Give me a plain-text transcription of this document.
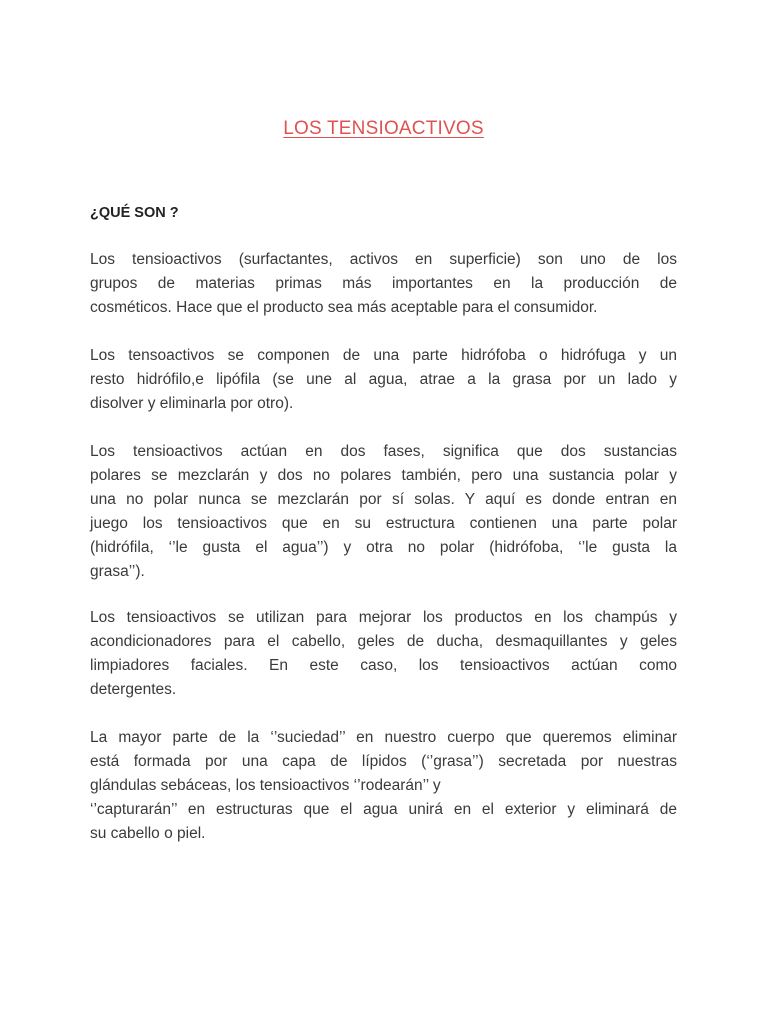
LOS TENSIOACTIVOS
¿QUÉ SON ?

Los tensioactivos (surfactantes, activos en superficie) son uno de los
grupos de materias primas más importantes en la producción de
cosméticos. Hace que el producto sea más aceptable para el consumidor.

Los tensoactivos se componen de una parte hidrófoba o hidrófuga y un
resto hidrófilo,e lipófila (se une al agua, atrae a la grasa por un lado y
disolver y eliminarla por otro).

Los tensioactivos actúan en dos fases, significa que dos sustancias
polares se mezclarán y dos no polares también, pero una sustancia polar y
una no polar nunca se mezclarán por sí solas. Y aquí es donde entran en
juego los tensioactivos que en su estructura contienen una parte polar
(hidrófila, ‘’le gusta el agua’’) y otra no polar (hidrófoba, ‘’le gusta la
grasa’’).

Los tensioactivos se utilizan para mejorar los productos en los champús y
acondicionadores para el cabello, geles de ducha, desmaquillantes y geles
limpiadores faciales. En este caso, los tensioactivos actúan como
detergentes.

La mayor parte de la ‘’suciedad’’ en nuestro cuerpo que queremos eliminar
está formada por una capa de lípidos (‘’grasa’’) secretada por nuestras
glándulas sebáceas, los tensioactivos ‘’rodearán’’ y
‘’capturarán’’ en estructuras que el agua unirá en el exterior y eliminará de
su cabello o piel.
